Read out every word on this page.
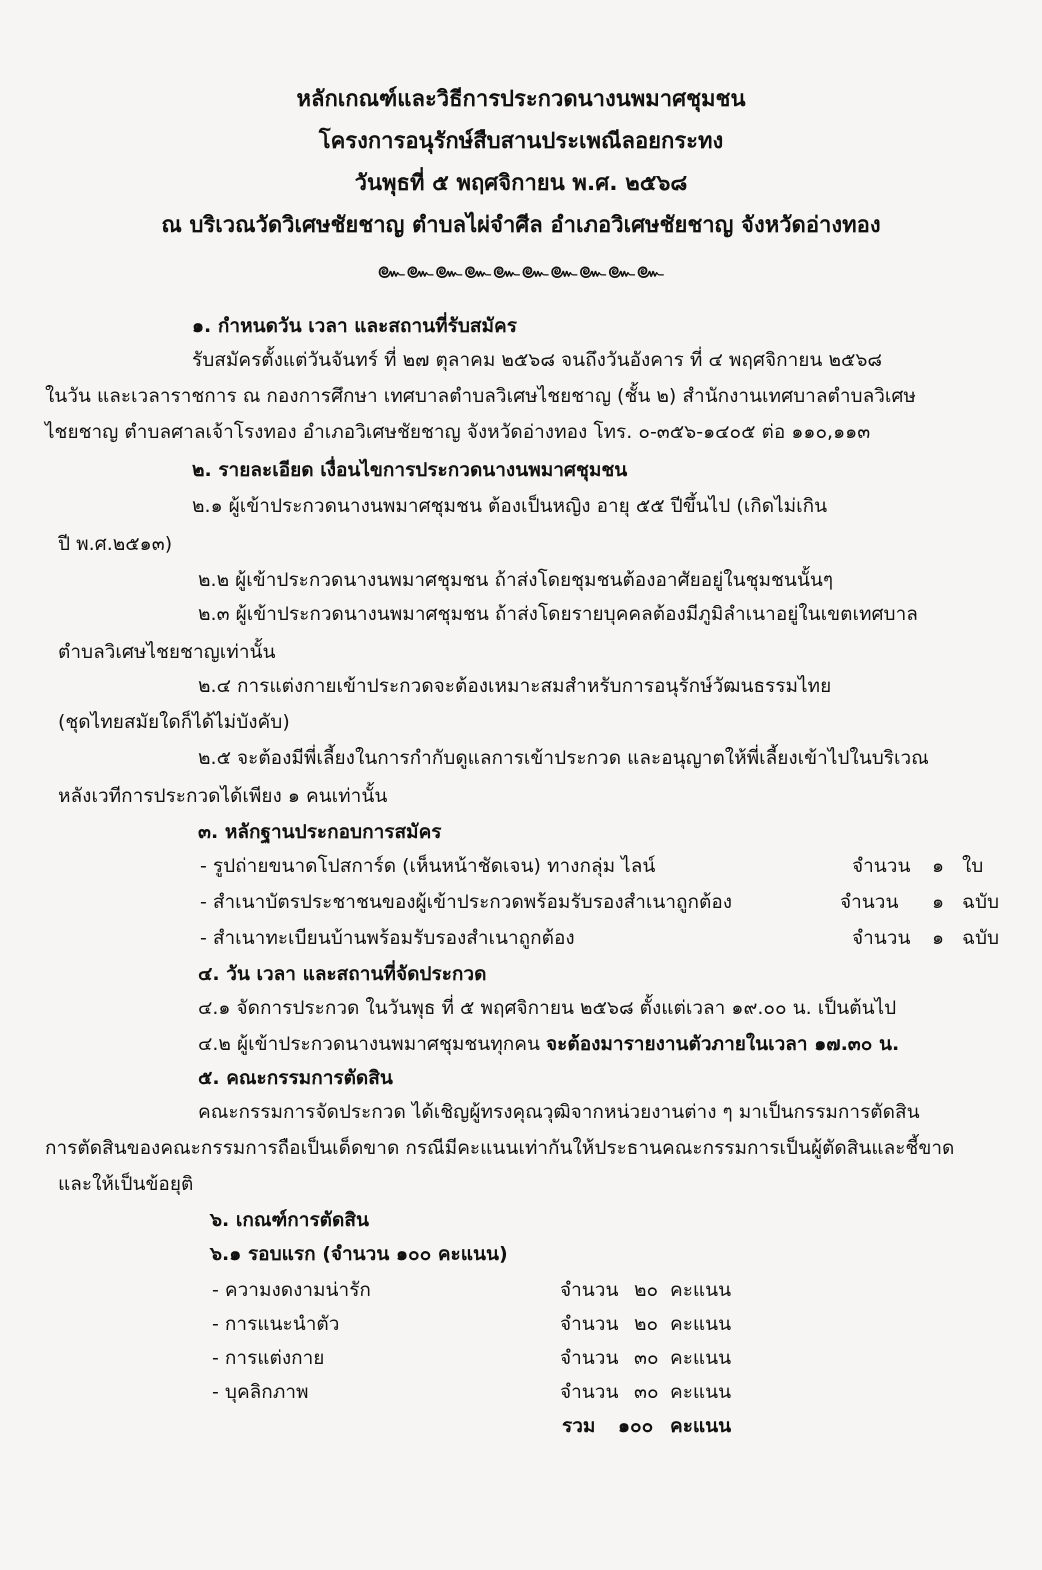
หลักเกณฑ์และวิธีการประกวดนางนพมาศชุมชน
โครงการอนุรักษ์สืบสานประเพณีลอยกระทง
วันพุธที่ ๕ พฤศจิกายน พ.ศ. ๒๕๖๘
ณ บริเวณวัดวิเศษชัยชาญ ตำบลไผ่จำศีล อำเภอวิเศษชัยชาญ จังหวัดอ่างทอง
๛๛๛๛๛๛๛๛๛๛
๑. กำหนดวัน เวลา และสถานที่รับสมัคร
รับสมัครตั้งแต่วันจันทร์ ที่ ๒๗ ตุลาคม ๒๕๖๘ จนถึงวันอังคาร ที่ ๔ พฤศจิกายน ๒๕๖๘
ในวัน และเวลาราชการ ณ กองการศึกษา เทศบาลตำบลวิเศษไชยชาญ (ชั้น ๒) สำนักงานเทศบาลตำบลวิเศษ
ไชยชาญ ตำบลศาลเจ้าโรงทอง อำเภอวิเศษชัยชาญ จังหวัดอ่างทอง โทร. ๐-๓๕๖-๑๔๐๕ ต่อ ๑๑๐,๑๑๓
๒. รายละเอียด เงื่อนไขการประกวดนางนพมาศชุมชน
๒.๑ ผู้เข้าประกวดนางนพมาศชุมชน ต้องเป็นหญิง อายุ ๕๕ ปีขึ้นไป (เกิดไม่เกิน
ปี พ.ศ.๒๕๑๓)
๒.๒ ผู้เข้าประกวดนางนพมาศชุมชน ถ้าส่งโดยชุมชนต้องอาศัยอยู่ในชุมชนนั้นๆ
๒.๓ ผู้เข้าประกวดนางนพมาศชุมชน ถ้าส่งโดยรายบุคคลต้องมีภูมิลำเนาอยู่ในเขตเทศบาล
ตำบลวิเศษไชยชาญเท่านั้น
๒.๔ การแต่งกายเข้าประกวดจะต้องเหมาะสมสำหรับการอนุรักษ์วัฒนธรรมไทย
(ชุดไทยสมัยใดก็ได้ไม่บังคับ)
๒.๕ จะต้องมีพี่เลี้ยงในการกำกับดูแลการเข้าประกวด และอนุญาตให้พี่เลี้ยงเข้าไปในบริเวณ
หลังเวทีการประกวดได้เพียง ๑ คนเท่านั้น
๓. หลักฐานประกอบการสมัคร
- รูปถ่ายขนาดโปสการ์ด (เห็นหน้าชัดเจน) ทางกลุ่ม ไลน์	จำนวน ๑ ใบ
- สำเนาบัตรประชาชนของผู้เข้าประกวดพร้อมรับรองสำเนาถูกต้อง	จำนวน ๑ ฉบับ
- สำเนาทะเบียนบ้านพร้อมรับรองสำเนาถูกต้อง	จำนวน ๑ ฉบับ
๔. วัน เวลา และสถานที่จัดประกวด
๔.๑ จัดการประกวด ในวันพุธ ที่ ๕ พฤศจิกายน ๒๕๖๘ ตั้งแต่เวลา ๑๙.๐๐ น. เป็นต้นไป
๔.๒ ผู้เข้าประกวดนางนพมาศชุมชนทุกคน จะต้องมารายงานตัวภายในเวลา ๑๗.๓๐ น.
๕. คณะกรรมการตัดสิน
คณะกรรมการจัดประกวด ได้เชิญผู้ทรงคุณวุฒิจากหน่วยงานต่าง ๆ มาเป็นกรรมการตัดสิน
การตัดสินของคณะกรรมการถือเป็นเด็ดขาด กรณีมีคะแนนเท่ากันให้ประธานคณะกรรมการเป็นผู้ตัดสินและชี้ขาด
และให้เป็นข้อยุติ
๖. เกณฑ์การตัดสิน
๖.๑ รอบแรก (จำนวน ๑๐๐ คะแนน)
- ความงดงามน่ารัก	จำนวน ๒๐ คะแนน
- การแนะนำตัว	จำนวน ๒๐ คะแนน
- การแต่งกาย	จำนวน ๓๐ คะแนน
- บุคลิกภาพ	จำนวน ๓๐ คะแนน
รวม ๑๐๐ คะแนน
